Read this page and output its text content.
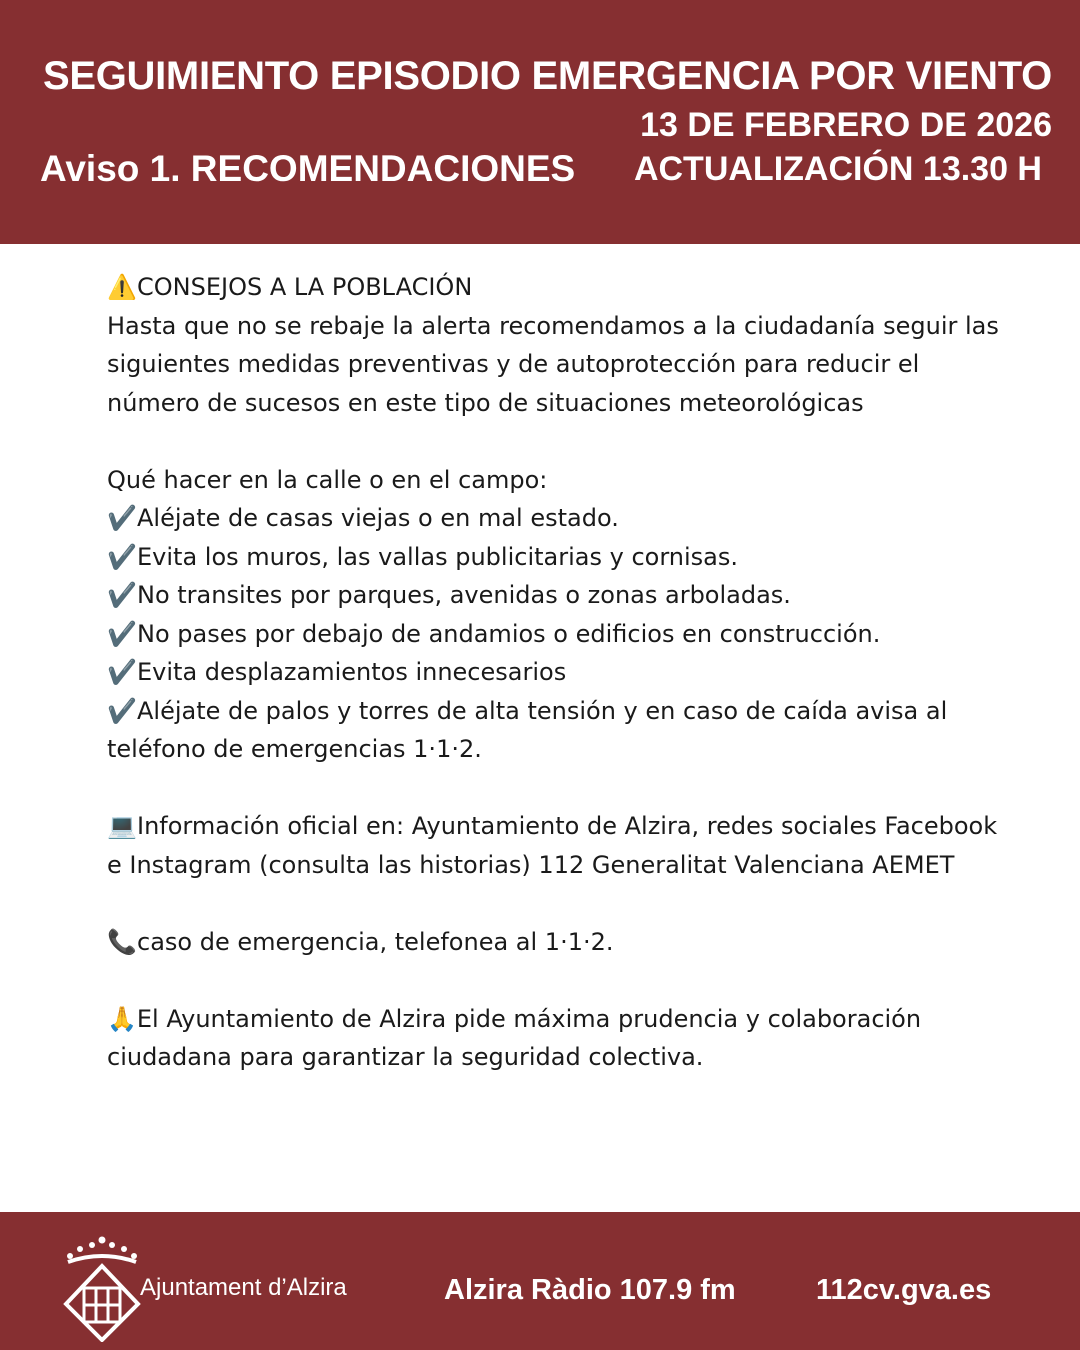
SEGUIMIENTO EPISODIO EMERGENCIA POR VIENTO
13 DE FEBRERO DE 2026
Aviso 1. RECOMENDACIONES ACTUALIZACIÓN 13.30 H

⚠️CONSEJOS A LA POBLACIÓN

Hasta que no se rebaje la alerta recomendamos a la ciudadanía seguir las siguientes medidas preventivas y de autoprotección para reducir el número de sucesos en este tipo de situaciones meteorológicas

Qué hacer en la calle o en el campo:

✔️Aléjate de casas viejas o en mal estado.

✔️Evita los muros, las vallas publicitarias y cornisas.

✔️No transites por parques, avenidas o zonas arboladas.

✔️No pases por debajo de andamios o edificios en construcción.

✔️Evita desplazamientos innecesarios

✔️Aléjate de palos y torres de alta tensión y en caso de caída avisa al teléfono de emergencias 1·1·2.

💻Información oficial en: Ayuntamiento de Alzira, redes sociales Facebook e Instagram (consulta las historias) 112 Generalitat Valenciana AEMET

📞caso de emergencia, telefonea al 1·1·2.

🙏El Ayuntamiento de Alzira pide máxima prudencia y colaboración ciudadana para garantizar la seguridad colectiva.

Ajuntament d’Alzira	Alzira Ràdio 107.9 fm	112cv.gva.es
